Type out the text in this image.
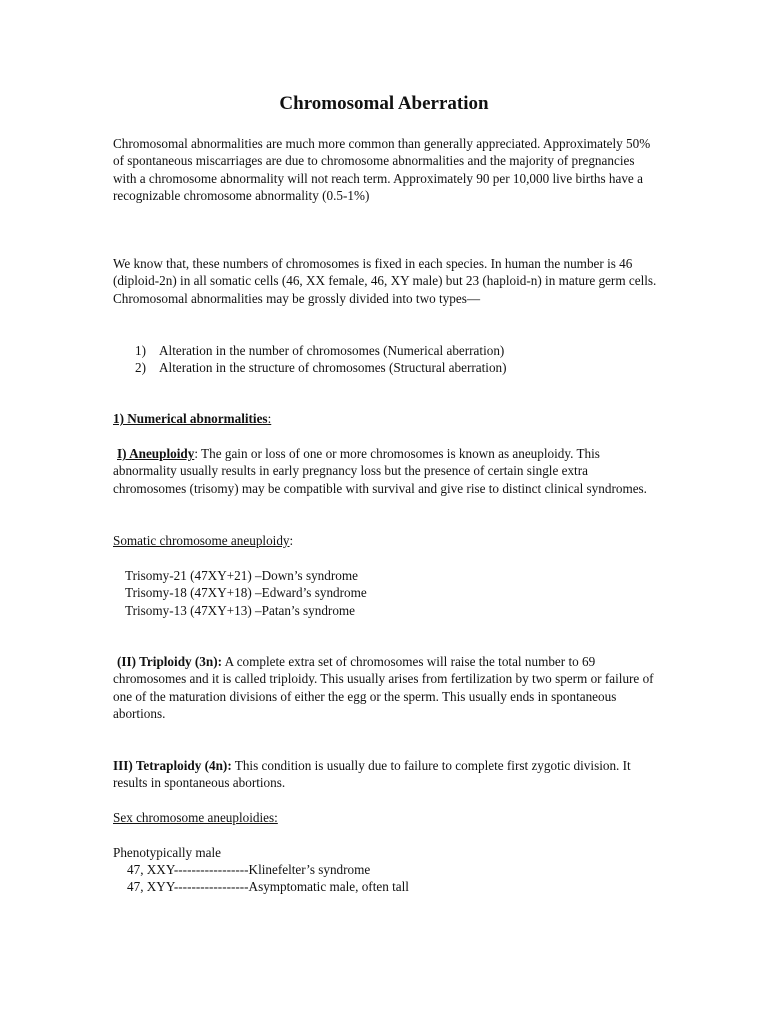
Chromosomal Aberration

Chromosomal abnormalities are much more common than generally appreciated. Approximately 50% of spontaneous miscarriages are due to chromosome abnormalities and the majority of pregnancies with a chromosome abnormality will not reach term. Approximately 90 per 10,000 live births have a recognizable chromosome abnormality (0.5-1%)

We know that, these numbers of chromosomes is fixed in each species. In human the number is 46 (diploid-2n) in all somatic cells (46, XX female, 46, XY male) but 23 (haploid-n) in mature germ cells. Chromosomal abnormalities may be grossly divided into two types—

1) Alteration in the number of chromosomes (Numerical aberration)
2) Alteration in the structure of chromosomes (Structural aberration)

1) Numerical abnormalities:

I) Aneuploidy: The gain or loss of one or more chromosomes is known as aneuploidy. This abnormality usually results in early pregnancy loss but the presence of certain single extra chromosomes (trisomy) may be compatible with survival and give rise to distinct clinical syndromes.

Somatic chromosome aneuploidy:

Trisomy-21 (47XY+21) –Down’s syndrome
Trisomy-18 (47XY+18) –Edward’s syndrome
Trisomy-13 (47XY+13) –Patan’s syndrome

(II) Triploidy (3n): A complete extra set of chromosomes will raise the total number to 69 chromosomes and it is called triploidy. This usually arises from fertilization by two sperm or failure of one of the maturation divisions of either the egg or the sperm. This usually ends in spontaneous abortions.

III) Tetraploidy (4n): This condition is usually due to failure to complete first zygotic division. It results in spontaneous abortions.

Sex chromosome aneuploidies:

Phenotypically male

47, XXY-----------------Klinefelter’s syndrome
47, XYY-----------------Asymptomatic male, often tall
